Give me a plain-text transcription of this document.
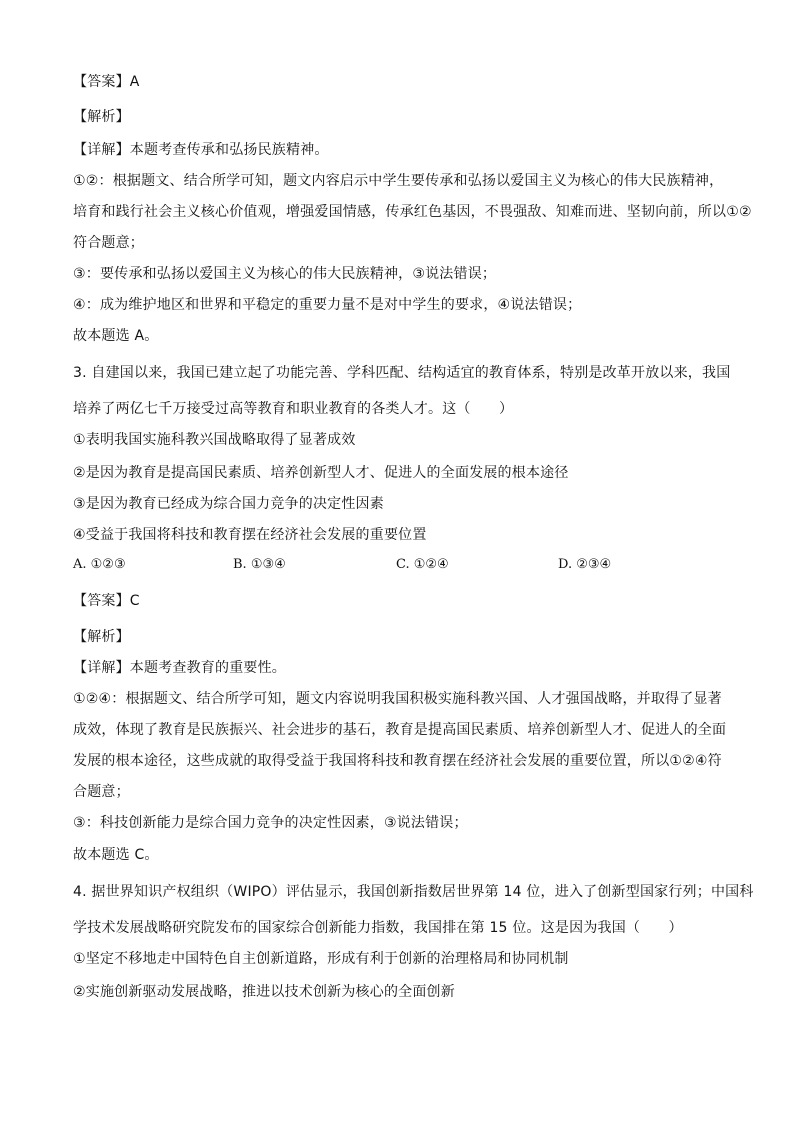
【答案】A
【解析】
【详解】本题考查传承和弘扬民族精神。
①②：根据题文、结合所学可知，题文内容启示中学生要传承和弘扬以爱国主义为核心的伟大民族精神，
培育和践行社会主义核心价值观，增强爱国情感，传承红色基因，不畏强敌、知难而进、坚韧向前，所以①②
符合题意；
③：要传承和弘扬以爱国主义为核心的伟大民族精神，③说法错误；
④：成为维护地区和世界和平稳定的重要力量不是对中学生的要求，④说法错误；
故本题选 A。
3. 自建国以来，我国已建立起了功能完善、学科匹配、结构适宜的教育体系，特别是改革开放以来，我国
培养了两亿七千万接受过高等教育和职业教育的各类人才。这（　　）
①表明我国实施科教兴国战略取得了显著成效
②是因为教育是提高国民素质、培养创新型人才、促进人的全面发展的根本途径
③是因为教育已经成为综合国力竞争的决定性因素
④受益于我国将科技和教育摆在经济社会发展的重要位置
A. ①②③	B. ①③④	C. ①②④	D. ②③④
【答案】C
【解析】
【详解】本题考查教育的重要性。
①②④：根据题文、结合所学可知，题文内容说明我国积极实施科教兴国、人才强国战略，并取得了显著
成效，体现了教育是民族振兴、社会进步的基石，教育是提高国民素质、培养创新型人才、促进人的全面
发展的根本途径，这些成就的取得受益于我国将科技和教育摆在经济社会发展的重要位置，所以①②④符
合题意；
③：科技创新能力是综合国力竞争的决定性因素，③说法错误；
故本题选 C。
4. 据世界知识产权组织（WIPO）评估显示，我国创新指数居世界第 14 位，进入了创新型国家行列；中国科
学技术发展战略研究院发布的国家综合创新能力指数，我国排在第 15 位。这是因为我国（　　）
①坚定不移地走中国特色自主创新道路，形成有利于创新的治理格局和协同机制
②实施创新驱动发展战略，推进以技术创新为核心的全面创新
